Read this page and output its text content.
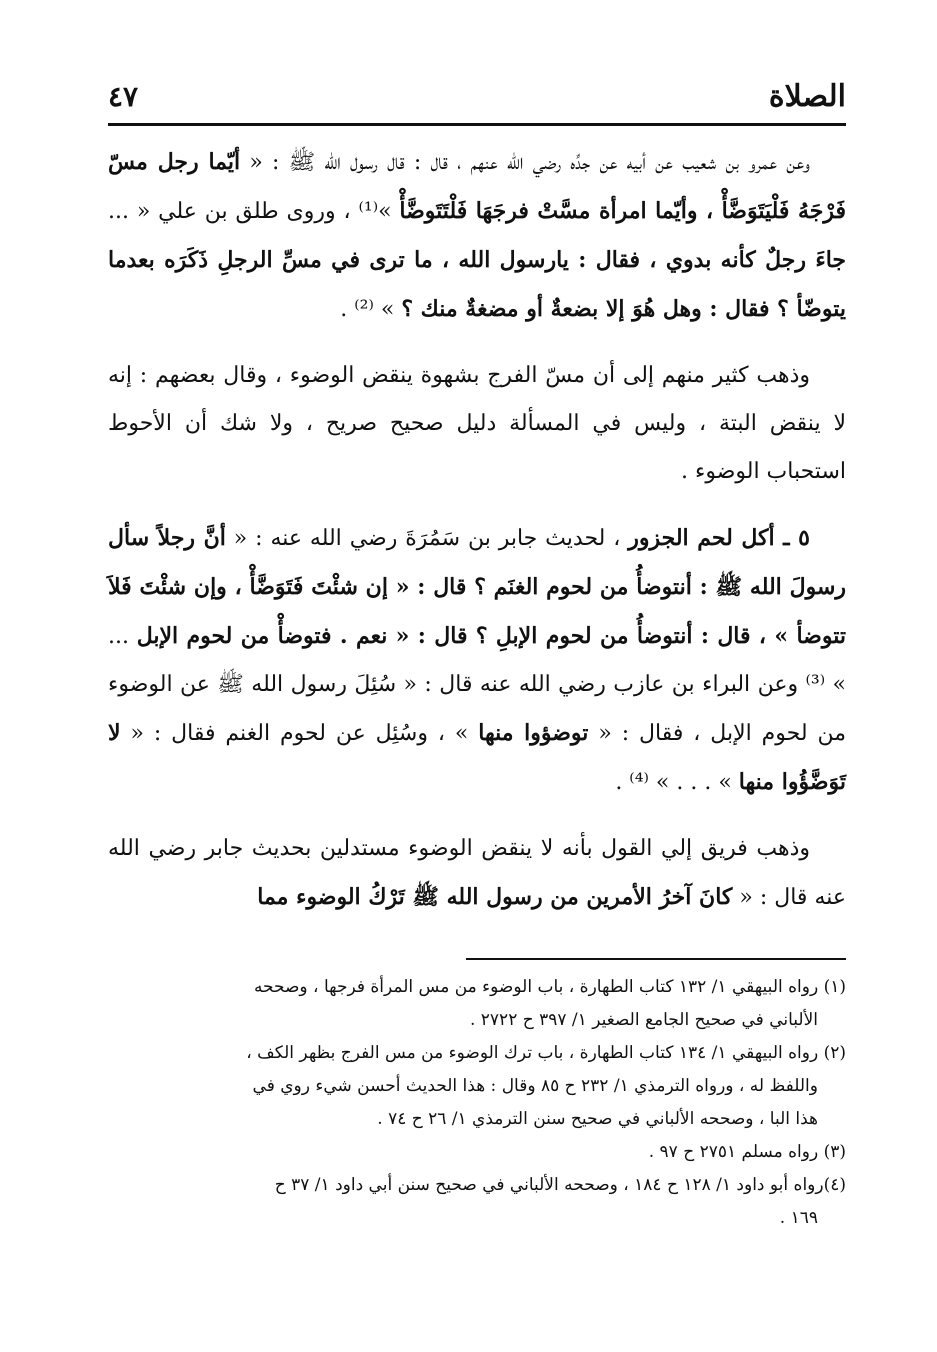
الصلاة
٤٧

وعن عمرو بن شعيب عن أبيه عن جدِّه رضي الله عنهم ، قال : قال رسول الله ﷺ : « أيّما رجل مسّ فَرْجَهُ فَلْيَتَوَضَّأْ ، وأيّما امرأة مسَّتْ فرجَهَا فَلْتَتَوضَّأْ »⁽¹⁾ ، وروى طلق بن علي « ... جاءَ رجلٌ كأنه بدوي ، فقال : يارسول الله ، ما ترى في مسِّ الرجلِ ذَكَرَه بعدما يتوضّأ ؟ فقال : وهل هُوَ إلا بضعةٌ أو مضغةٌ منك ؟ » ⁽²⁾ .

وذهب كثير منهم إلى أن مسّ الفرج بشهوة ينقض الوضوء ، وقال بعضهم : إنه لا ينقض البتة ، وليس في المسألة دليل صحيح صريح ، ولا شك أن الأحوط استحباب الوضوء .

٥ ـ أكل لحم الجزور ، لحديث جابر بن سَمُرَةَ رضي الله عنه : « أنَّ رجلاً سأل رسولَ الله ﷺ : أنتوضأُ من لحوم الغنَم ؟ قال : « إن شئْتَ فَتَوَضَّأْ ، وإن شئْتَ فَلاَ تتوضأ » ، قال : أنتوضأُ من لحوم الإبلِ ؟ قال : « نعم . فتوضأْ من لحوم الإبل ... » ⁽³⁾ وعن البراء بن عازب رضي الله عنه قال : « سُئِلَ رسول الله ﷺ عن الوضوء من لحوم الإبل ، فقال : « توضؤوا منها » ، وسُئِل عن لحوم الغنم فقال : « لا تَوَضَّؤُوا منها » . . . » ⁽⁴⁾ .

وذهب فريق إلي القول بأنه لا ينقض الوضوء مستدلين بحديث جابر رضي الله عنه قال : « كانَ آخرُ الأمرين من رسول الله ﷺ تَرْكُ الوضوء مما

(١) رواه البيهقي ١/ ١٣٢ كتاب الطهارة ، باب الوضوء من مس المرأة فرجها ، وصححه

الألباني في صحيح الجامع الصغير ١/ ٣٩٧ ح ٢٧٢٢ .

(٢) رواه البيهقي ١/ ١٣٤ كتاب الطهارة ، باب ترك الوضوء من مس الفرج بظهر الكف ،

واللفظ له ، ورواه الترمذي ١/ ٢٣٢ ح ٨٥ وقال : هذا الحديث أحسن شيء روي في

هذا البا ، وصححه الألباني في صحيح سنن الترمذي ١/ ٢٦ ح ٧٤ .

(٣) رواه مسلم ٢٧٥١ ح ٩٧ .

(٤)رواه أبو داود ١/ ١٢٨ ح ١٨٤ ، وصححه الألباني في صحيح سنن أبي داود ١/ ٣٧ ح

١٦٩ .
